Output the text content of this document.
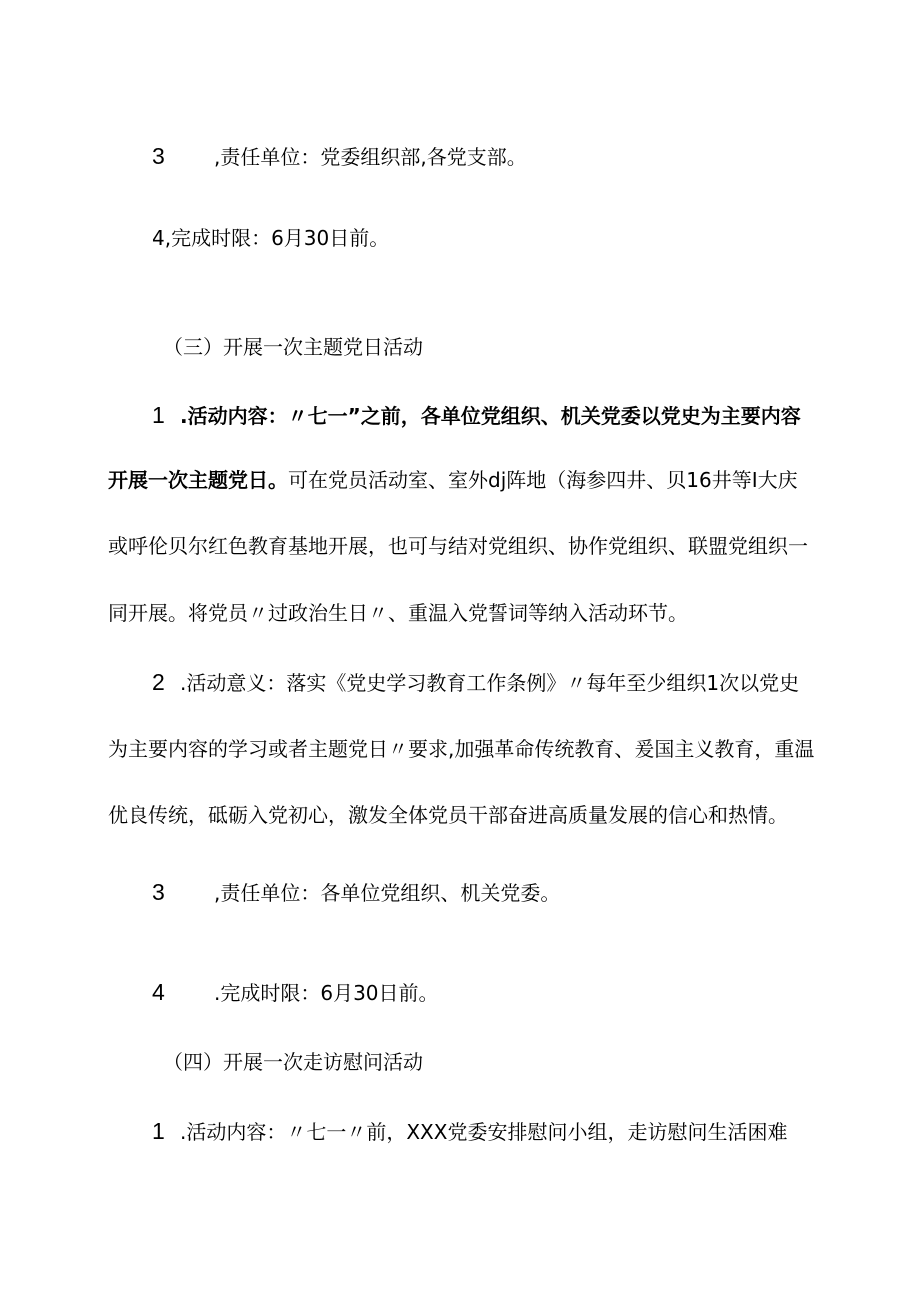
3 ,责任单位：党委组织部,各党支部。
4,完成时限：6月30日前。
（三）开展一次主题党日活动
1 .活动内容：〃七一”之前，各单位党组织、机关党委以党史为主要内容
开展一次主题党日。可在党员活动室、室外dj阵地（海参四井、贝16井等I大庆
或呼伦贝尔红色教育基地开展，也可与结对党组织、协作党组织、联盟党组织一
同开展。将党员〃过政治生日〃、重温入党誓词等纳入活动环节。
2 .活动意义：落实《党史学习教育工作条例》〃每年至少组织1次以党史
为主要内容的学习或者主题党日〃要求,加强革命传统教育、爰国主义教育，重温
优良传统，砥砺入党初心，激发全体党员干部奋进高质量发展的信心和热情。
3 ,责任单位：各单位党组织、机关党委。
4 .完成时限：6月30日前。
（四）开展一次走访慰问活动
1 .活动内容：〃七一〃前，XXX党委安排慰问小组，走访慰问生活困难
